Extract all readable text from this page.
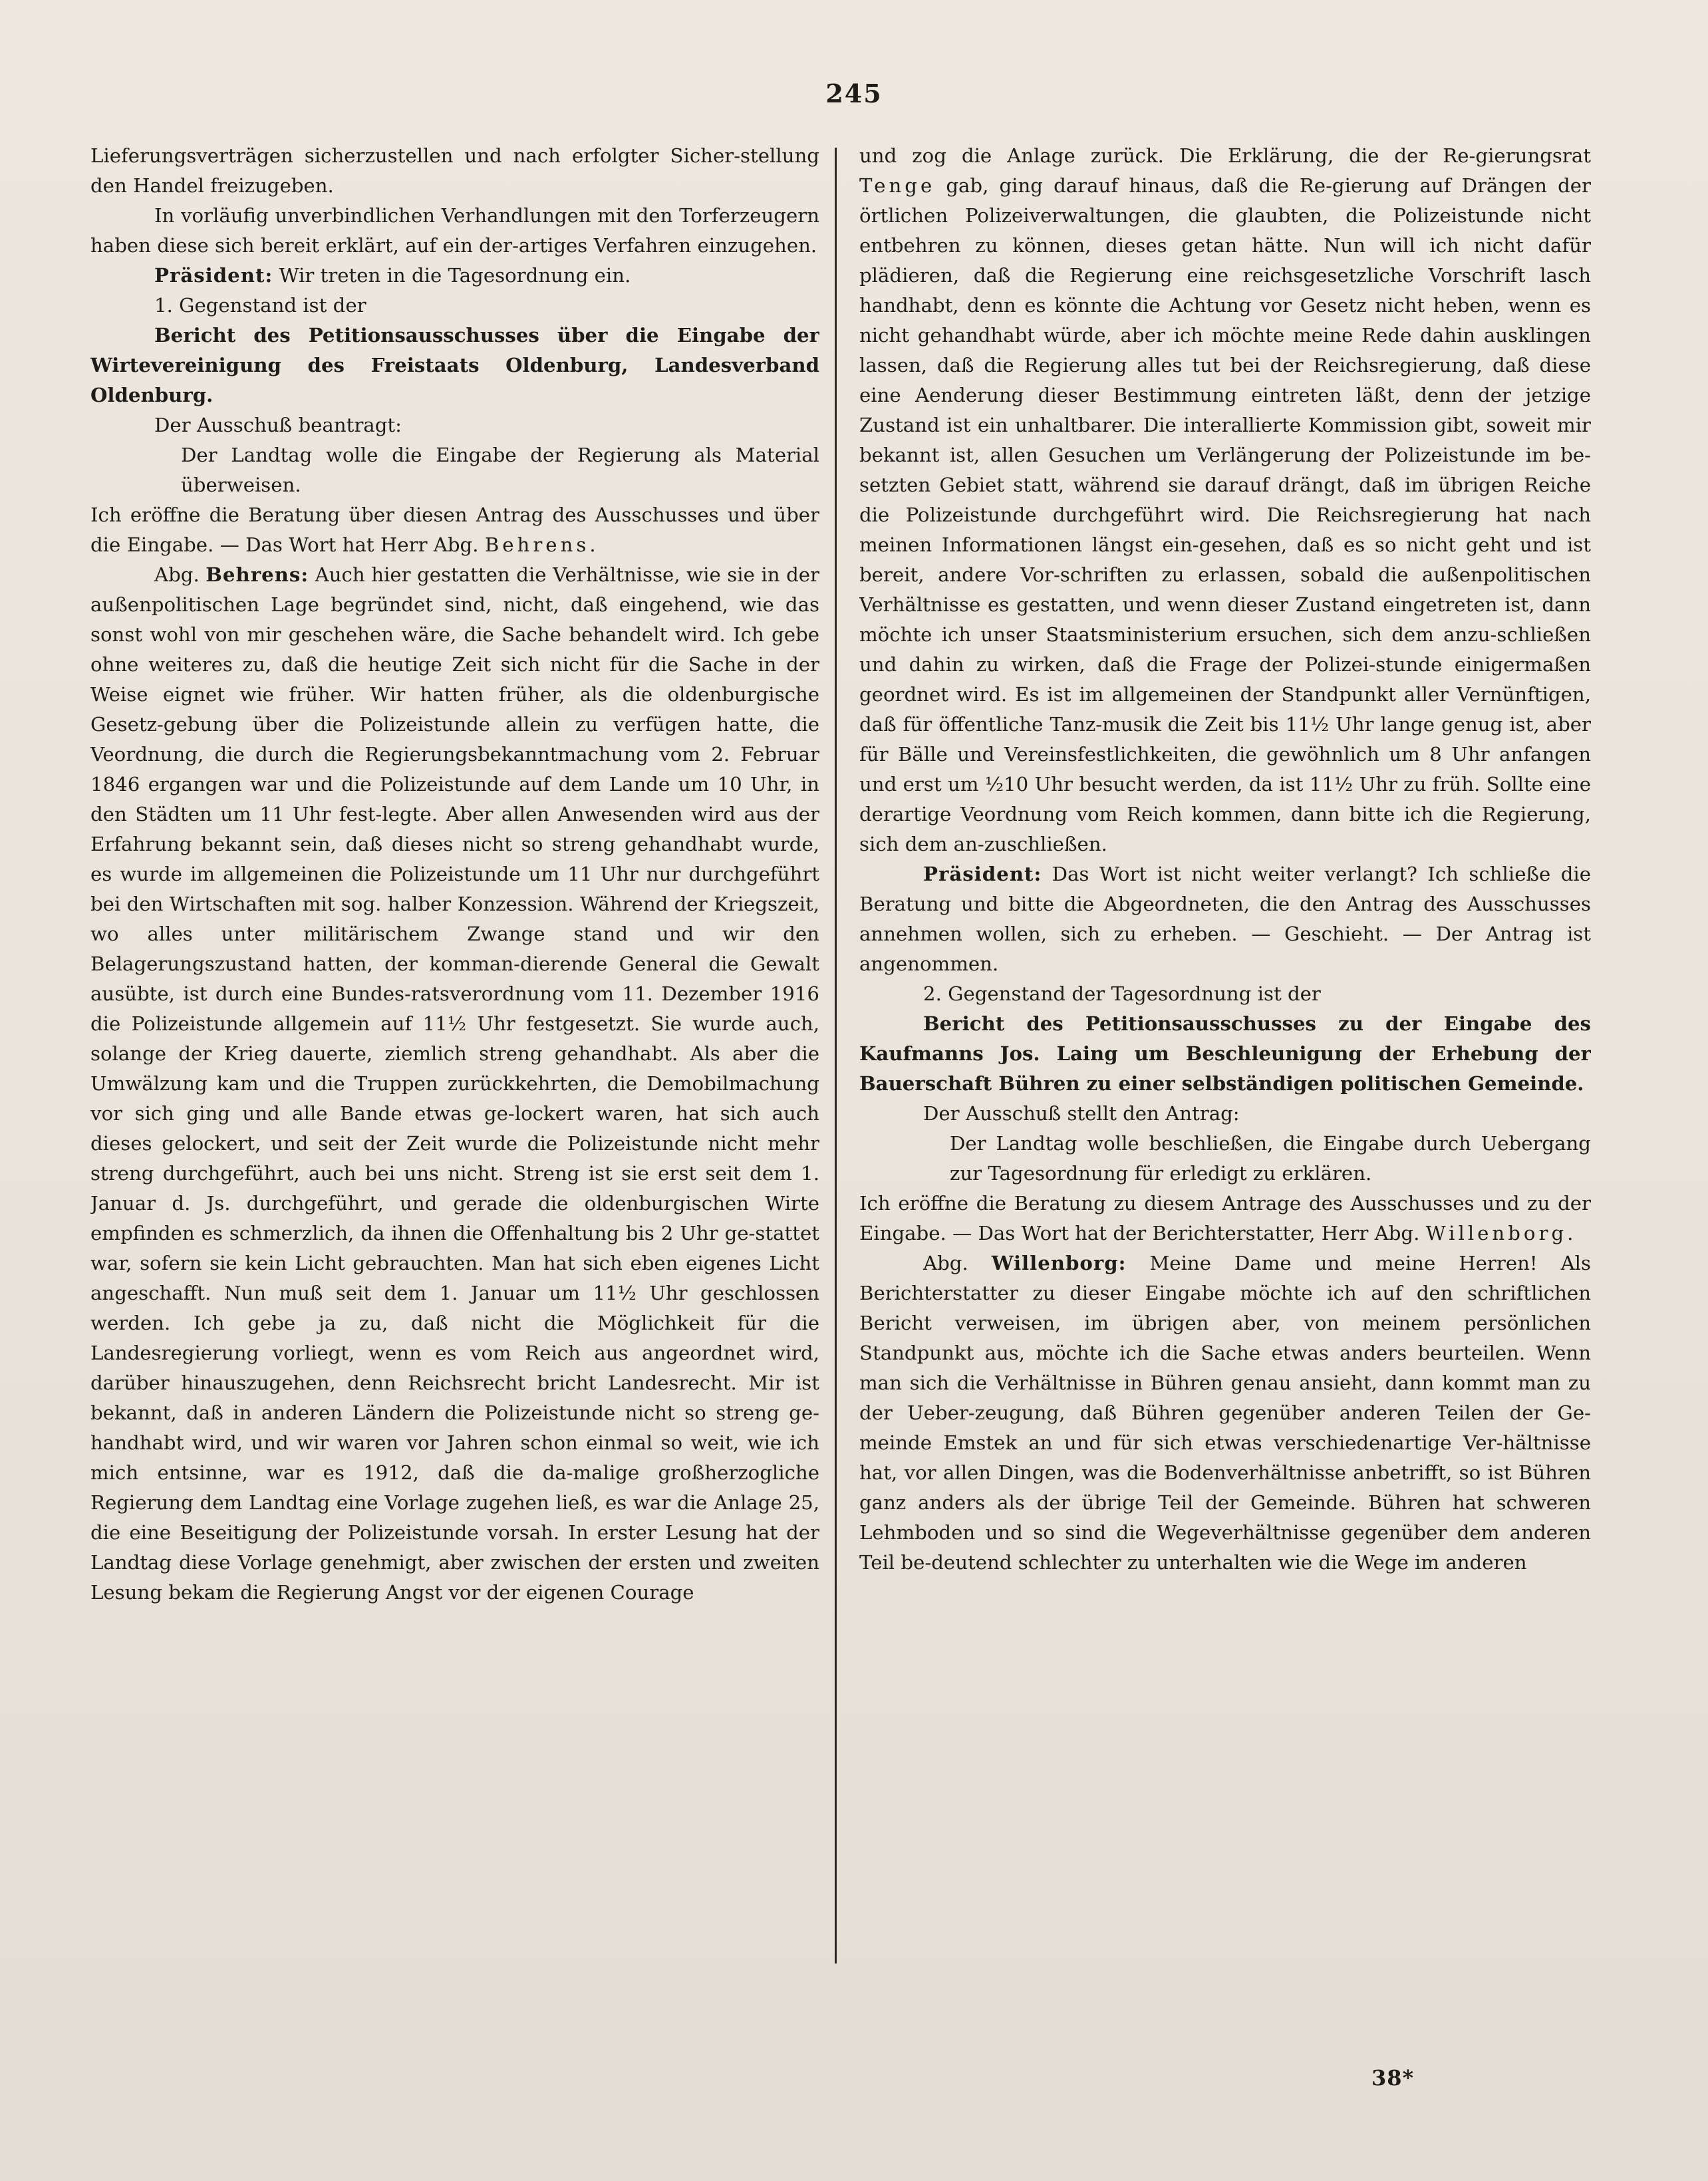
245

Lieferungsverträgen sicherzustellen und nach erfolgter Sicher-stellung den Handel freizugeben.

In vorläufig unverbindlichen Verhandlungen mit den Torferzeugern haben diese sich bereit erklärt, auf ein der-artiges Verfahren einzugehen.

Präsident: Wir treten in die Tagesordnung ein.

1. Gegenstand ist der

Bericht des Petitionsausschusses über die Eingabe der Wirtevereinigung des Freistaats Oldenburg, Landesverband Oldenburg.

Der Ausschuß beantragt:

Der Landtag wolle die Eingabe der Regierung als Material überweisen.

Ich eröffne die Beratung über diesen Antrag des Ausschusses und über die Eingabe. — Das Wort hat Herr Abg. Behrens.

Abg. Behrens: Auch hier gestatten die Verhältnisse, wie sie in der außenpolitischen Lage begründet sind, nicht, daß eingehend, wie das sonst wohl von mir geschehen wäre, die Sache behandelt wird. Ich gebe ohne weiteres zu, daß die heutige Zeit sich nicht für die Sache in der Weise eignet wie früher. Wir hatten früher, als die oldenburgische Gesetz-gebung über die Polizeistunde allein zu verfügen hatte, die Veordnung, die durch die Regierungsbekanntmachung vom 2. Februar 1846 ergangen war und die Polizeistunde auf dem Lande um 10 Uhr, in den Städten um 11 Uhr fest-legte. Aber allen Anwesenden wird aus der Erfahrung bekannt sein, daß dieses nicht so streng gehandhabt wurde, es wurde im allgemeinen die Polizeistunde um 11 Uhr nur durchgeführt bei den Wirtschaften mit sog. halber Konzession. Während der Kriegszeit, wo alles unter militärischem Zwange stand und wir den Belagerungszustand hatten, der komman-dierende General die Gewalt ausübte, ist durch eine Bundes-ratsverordnung vom 11. Dezember 1916 die Polizeistunde allgemein auf 11½ Uhr festgesetzt. Sie wurde auch, solange der Krieg dauerte, ziemlich streng gehandhabt. Als aber die Umwälzung kam und die Truppen zurückkehrten, die Demobilmachung vor sich ging und alle Bande etwas ge-lockert waren, hat sich auch dieses gelockert, und seit der Zeit wurde die Polizeistunde nicht mehr streng durchgeführt, auch bei uns nicht. Streng ist sie erst seit dem 1. Januar d. Js. durchgeführt, und gerade die oldenburgischen Wirte empfinden es schmerzlich, da ihnen die Offenhaltung bis 2 Uhr ge-stattet war, sofern sie kein Licht gebrauchten. Man hat sich eben eigenes Licht angeschafft. Nun muß seit dem 1. Januar um 11½ Uhr geschlossen werden. Ich gebe ja zu, daß nicht die Möglichkeit für die Landesregierung vorliegt, wenn es vom Reich aus angeordnet wird, darüber hinauszugehen, denn Reichsrecht bricht Landesrecht. Mir ist bekannt, daß in anderen Ländern die Polizeistunde nicht so streng ge-handhabt wird, und wir waren vor Jahren schon einmal so weit, wie ich mich entsinne, war es 1912, daß die da-malige großherzogliche Regierung dem Landtag eine Vorlage zugehen ließ, es war die Anlage 25, die eine Beseitigung der Polizeistunde vorsah. In erster Lesung hat der Landtag diese Vorlage genehmigt, aber zwischen der ersten und zweiten Lesung bekam die Regierung Angst vor der eigenen Courage

und zog die Anlage zurück. Die Erklärung, die der Re-gierungsrat Tenge gab, ging darauf hinaus, daß die Re-gierung auf Drängen der örtlichen Polizeiverwaltungen, die glaubten, die Polizeistunde nicht entbehren zu können, dieses getan hätte. Nun will ich nicht dafür plädieren, daß die Regierung eine reichsgesetzliche Vorschrift lasch handhabt, denn es könnte die Achtung vor Gesetz nicht heben, wenn es nicht gehandhabt würde, aber ich möchte meine Rede dahin ausklingen lassen, daß die Regierung alles tut bei der Reichsregierung, daß diese eine Aenderung dieser Bestimmung eintreten läßt, denn der jetzige Zustand ist ein unhaltbarer. Die interallierte Kommission gibt, soweit mir bekannt ist, allen Gesuchen um Verlängerung der Polizeistunde im be-setzten Gebiet statt, während sie darauf drängt, daß im übrigen Reiche die Polizeistunde durchgeführt wird. Die Reichsregierung hat nach meinen Informationen längst ein-gesehen, daß es so nicht geht und ist bereit, andere Vor-schriften zu erlassen, sobald die außenpolitischen Verhältnisse es gestatten, und wenn dieser Zustand eingetreten ist, dann möchte ich unser Staatsministerium ersuchen, sich dem anzu-schließen und dahin zu wirken, daß die Frage der Polizei-stunde einigermaßen geordnet wird. Es ist im allgemeinen der Standpunkt aller Vernünftigen, daß für öffentliche Tanz-musik die Zeit bis 11½ Uhr lange genug ist, aber für Bälle und Vereinsfestlichkeiten, die gewöhnlich um 8 Uhr anfangen und erst um ½10 Uhr besucht werden, da ist 11½ Uhr zu früh. Sollte eine derartige Veordnung vom Reich kommen, dann bitte ich die Regierung, sich dem an-zuschließen.

Präsident: Das Wort ist nicht weiter verlangt? Ich schließe die Beratung und bitte die Abgeordneten, die den Antrag des Ausschusses annehmen wollen, sich zu erheben. — Geschieht. — Der Antrag ist angenommen.

2. Gegenstand der Tagesordnung ist der

Bericht des Petitionsausschusses zu der Eingabe des Kaufmanns Jos. Laing um Beschleunigung der Erhebung der Bauerschaft Bühren zu einer selbständigen politischen Gemeinde.

Der Ausschuß stellt den Antrag:

Der Landtag wolle beschließen, die Eingabe durch Uebergang zur Tagesordnung für erledigt zu erklären.

Ich eröffne die Beratung zu diesem Antrage des Ausschusses und zu der Eingabe. — Das Wort hat der Berichterstatter, Herr Abg. Willenborg.

Abg. Willenborg: Meine Dame und meine Herren! Als Berichterstatter zu dieser Eingabe möchte ich auf den schriftlichen Bericht verweisen, im übrigen aber, von meinem persönlichen Standpunkt aus, möchte ich die Sache etwas anders beurteilen. Wenn man sich die Verhältnisse in Bühren genau ansieht, dann kommt man zu der Ueber-zeugung, daß Bühren gegenüber anderen Teilen der Ge-meinde Emstek an und für sich etwas verschiedenartige Ver-hältnisse hat, vor allen Dingen, was die Bodenverhältnisse anbetrifft, so ist Bühren ganz anders als der übrige Teil der Gemeinde. Bühren hat schweren Lehmboden und so sind die Wegeverhältnisse gegenüber dem anderen Teil be-deutend schlechter zu unterhalten wie die Wege im anderen

38*
